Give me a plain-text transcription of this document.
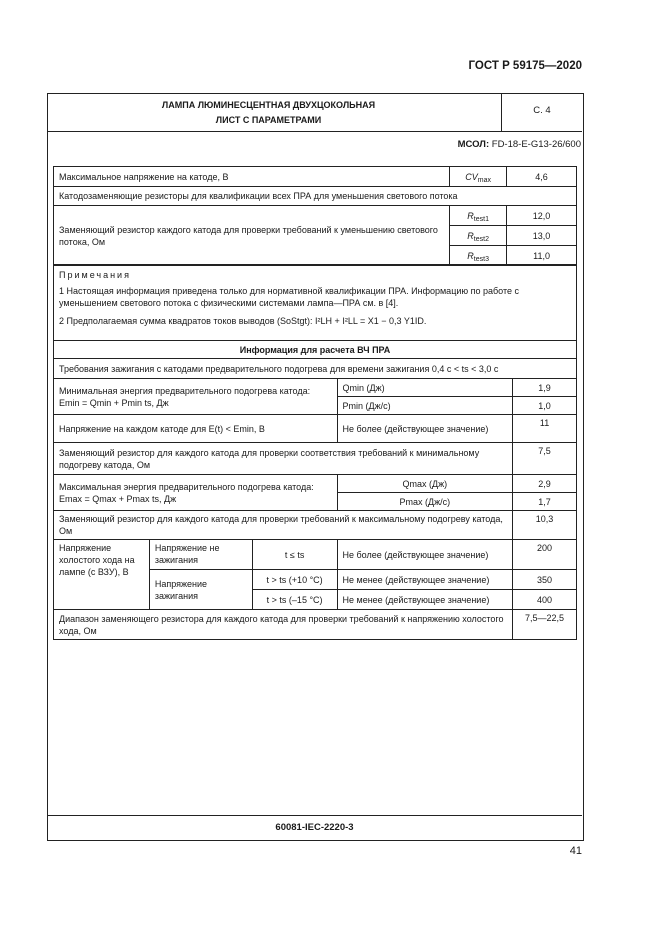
ГОСТ Р 59175—2020
ЛАМПА ЛЮМИНЕСЦЕНТНАЯ ДВУХЦОКОЛЬНАЯ
ЛИСТ С ПАРАМЕТРАМИ
С. 4
МСОЛ: FD-18-E-G13-26/600
Максимальное напряжение на катоде, В	$CV_{max}$	4,6
Катодозаменяющие резисторы для квалификации всех ПРА для уменьшения светового потока		
Заменяющий резистор каждого катода для проверки требований к уменьшению светового потока, Ом	$R_{test1}$	12,0
	$R_{test2}$	13,0
	$R_{test3}$	11,0

Примечания

1 Настоящая информация приведена только для нормативной квалификации ПРА. Информацию по работе с уменьшением светового потока с физическими системами лампа—ПРА см. в [4].

2 Предполагаемая сумма квадратов токов выводов (SoStgt): I²LH + I²LL = X1 − 0,3 Y1ID.

Информация для расчета ВЧ ПРА				
Требования зажигания с катодами предварительного подогрева для времени зажигания 0,4 с < ts < 3,0 с				

Минимальная энергия предварительного подогрева катода:
Emin = Qmin + Pmin ts, Дж			Qmin (Дж)	1,9
			Pmin (Дж/с)	1,0
Напряжение на каждом катоде для E(t) < Emin, В			Не более (действующее значение)	11
Заменяющий резистор для каждого катода для проверки соответствия требований к минимальному подогреву катода, Ом				7,5

Максимальная энергия предварительного подогрева катода:
Emax = Qmax + Pmax ts, Дж			Qmax (Дж)	2,9
			Pmax (Дж/с)	1,7
Заменяющий резистор для каждого катода для проверки требований к максимальному подогреву катода, Ом				10,3
Напряжение холостого хода на лампе (с ВЗУ), В	Напряжение не зажигания	t ≤ ts	Не более (действующее значение)	200
	Напряжение зажигания	t > ts (+10 °C)	Не менее (действующее значение)	350
		t > ts (–15 °C)	Не менее (действующее значение)	400
Диапазон заменяющего резистора для каждого катода для проверки требований к напряжению холостого хода, Ом				7,5—22,5
60081-IEC-2220-3
41
